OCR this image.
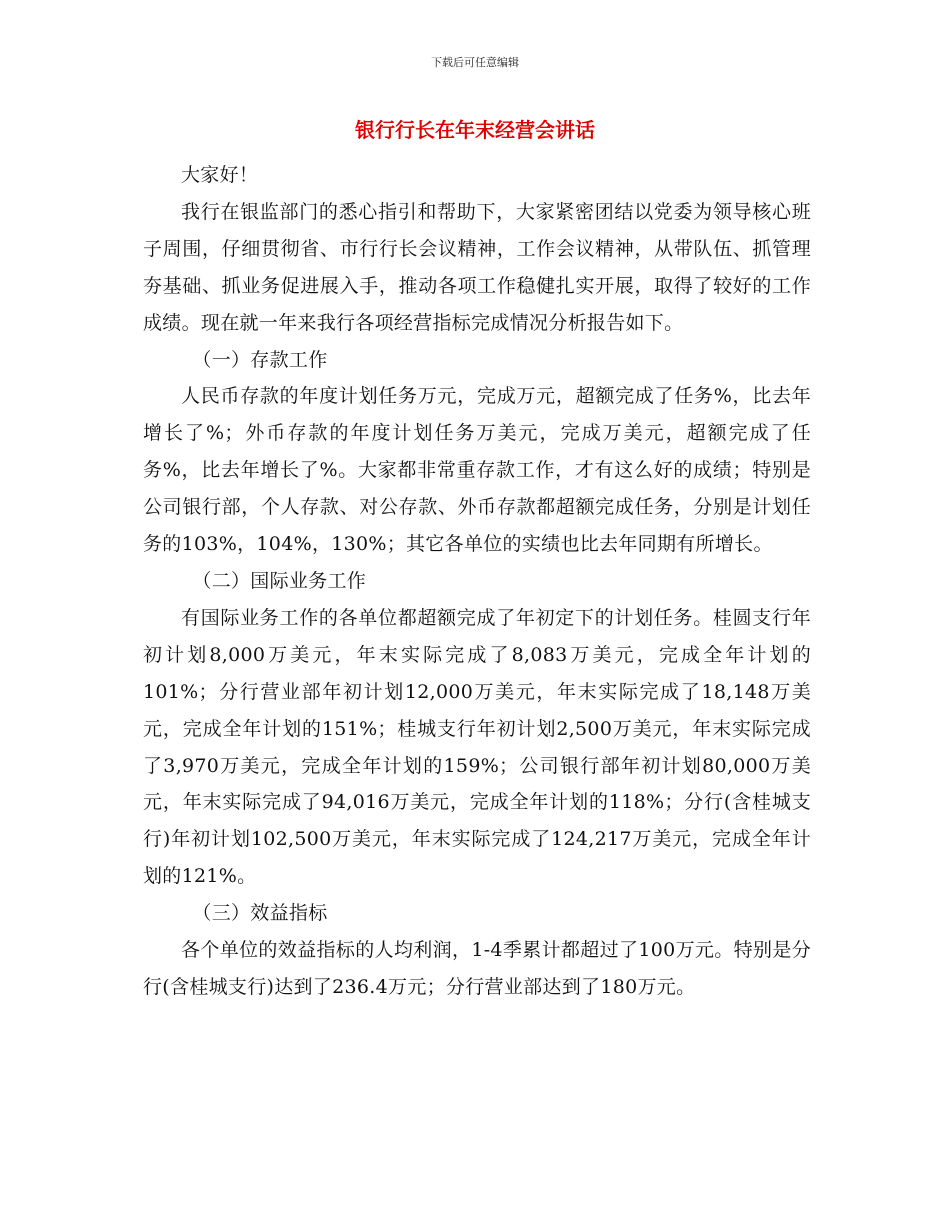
下载后可任意编辑
银行行长在年末经营会讲话

大家好！

我行在银监部门的悉心指引和帮助下，大家紧密团结以党委为领导核心班子周围，仔细贯彻省、市行行长会议精神，工作会议精神，从带队伍、抓管理夯基础、抓业务促进展入手，推动各项工作稳健扎实开展，取得了较好的工作成绩。现在就一年来我行各项经营指标完成情况分析报告如下。

（一）存款工作

人民币存款的年度计划任务万元，完成万元，超额完成了任务%，比去年增长了%；外币存款的年度计划任务万美元，完成万美元，超额完成了任务%，比去年增长了%。大家都非常重存款工作，才有这么好的成绩；特别是公司银行部，个人存款、对公存款、外币存款都超额完成任务，分别是计划任务的103%，104%，130%；其它各单位的实绩也比去年同期有所增长。

（二）国际业务工作

有国际业务工作的各单位都超额完成了年初定下的计划任务。桂圆支行年初计划8,000万美元，年末实际完成了8,083万美元，完成全年计划的101%；分行营业部年初计划12,000万美元，年末实际完成了18,148万美元，完成全年计划的151%；桂城支行年初计划2,500万美元，年末实际完成了3,970万美元，完成全年计划的159%；公司银行部年初计划80,000万美元，年末实际完成了94,016万美元，完成全年计划的118%；分行(含桂城支行)年初计划102,500万美元，年末实际完成了124,217万美元，完成全年计划的121%。

（三）效益指标

各个单位的效益指标的人均利润，1-4季累计都超过了100万元。特别是分行(含桂城支行)达到了236.4万元；分行营业部达到了180万元。
